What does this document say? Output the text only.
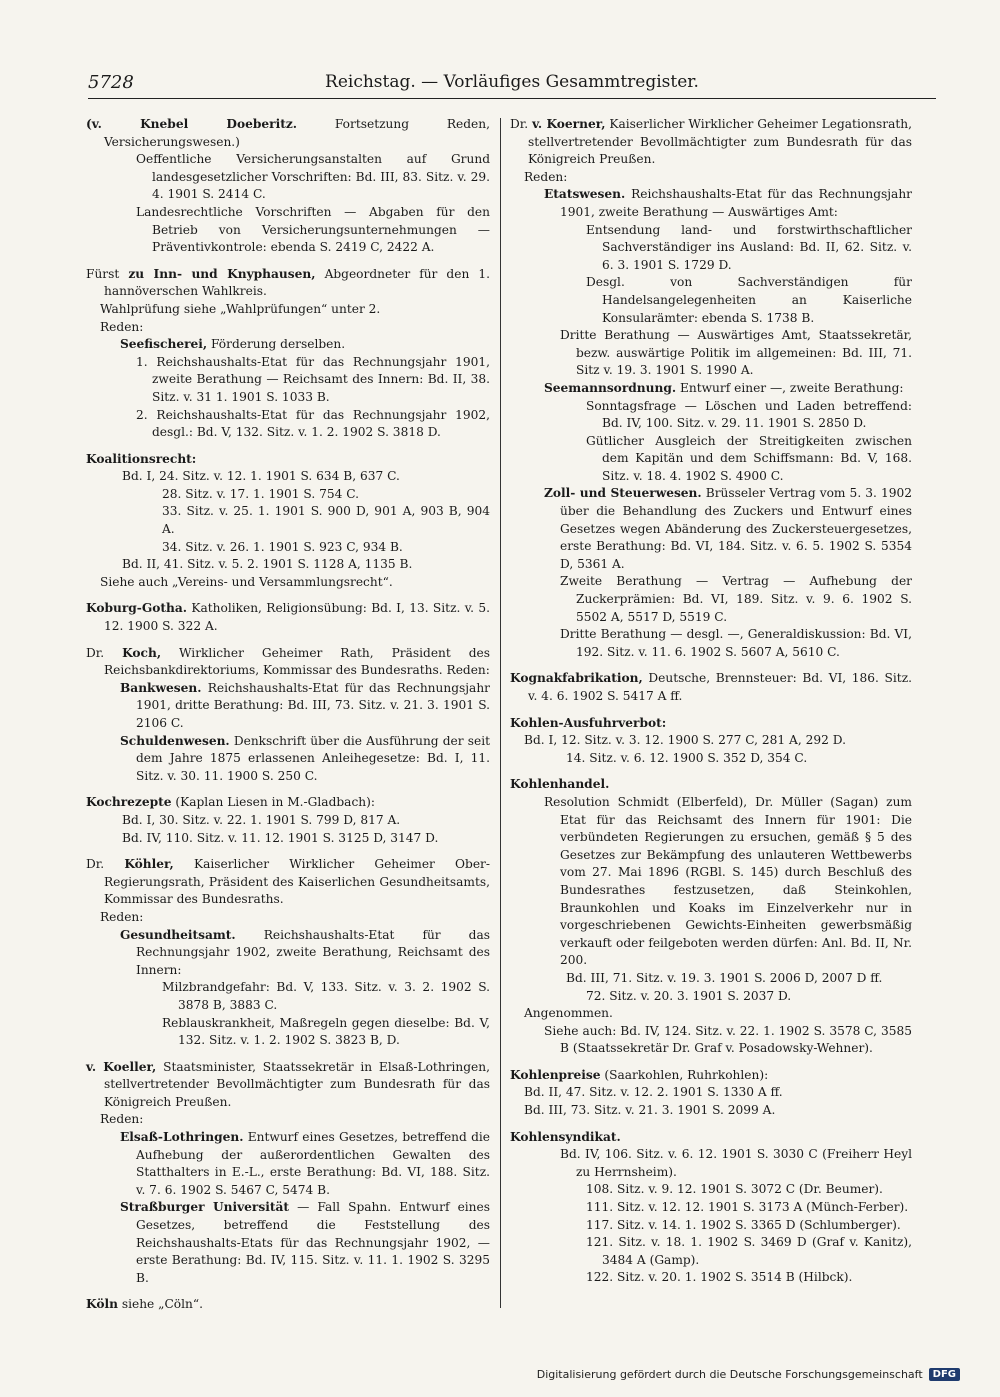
5728	Reichstag. — Vorläufiges Gesammtregister.

(v. Knebel Doeberitz. Fortsetzung Reden, Versicherungswesen.)

Oeffentliche Versicherungsanstalten auf Grund landesgesetzlicher Vorschriften: Bd. III, 83. Sitz. v. 29. 4. 1901 S. 2414 C.

Landesrechtliche Vorschriften — Abgaben für den Betrieb von Versicherungsunternehmungen — Präventivkontrole: ebenda S. 2419 C, 2422 A.

Fürst zu Inn- und Knyphausen, Abgeordneter für den 1. hannöverschen Wahlkreis.

Wahlprüfung siehe „Wahlprüfungen“ unter 2.

Reden:

Seefischerei, Förderung derselben.

1. Reichshaushalts-Etat für das Rechnungsjahr 1901, zweite Berathung — Reichsamt des Innern: Bd. II, 38. Sitz. v. 31 1. 1901 S. 1033 B.

2. Reichshaushalts-Etat für das Rechnungsjahr 1902, desgl.: Bd. V, 132. Sitz. v. 1. 2. 1902 S. 3818 D.

Koalitionsrecht:

Bd. I, 24. Sitz. v. 12. 1. 1901 S. 634 B, 637 C.

28. Sitz. v. 17. 1. 1901 S. 754 C.

33. Sitz. v. 25. 1. 1901 S. 900 D, 901 A, 903 B, 904 A.

34. Sitz. v. 26. 1. 1901 S. 923 C, 934 B.

Bd. II, 41. Sitz. v. 5. 2. 1901 S. 1128 A, 1135 B.

Siehe auch „Vereins- und Versammlungsrecht“.

Koburg-Gotha. Katholiken, Religionsübung: Bd. I, 13. Sitz. v. 5. 12. 1900 S. 322 A.

Dr. Koch, Wirklicher Geheimer Rath, Präsident des Reichsbankdirektoriums, Kommissar des Bundesraths. Reden:

Bankwesen. Reichshaushalts-Etat für das Rechnungsjahr 1901, dritte Berathung: Bd. III, 73. Sitz. v. 21. 3. 1901 S. 2106 C.

Schuldenwesen. Denkschrift über die Ausführung der seit dem Jahre 1875 erlassenen Anleihegesetze: Bd. I, 11. Sitz. v. 30. 11. 1900 S. 250 C.

Kochrezepte (Kaplan Liesen in M.-Gladbach):

Bd. I, 30. Sitz. v. 22. 1. 1901 S. 799 D, 817 A.

Bd. IV, 110. Sitz. v. 11. 12. 1901 S. 3125 D, 3147 D.

Dr. Köhler, Kaiserlicher Wirklicher Geheimer Ober-Regierungsrath, Präsident des Kaiserlichen Gesundheitsamts, Kommissar des Bundesraths.

Reden:

Gesundheitsamt. Reichshaushalts-Etat für das Rechnungsjahr 1902, zweite Berathung, Reichsamt des Innern:

Milzbrandgefahr: Bd. V, 133. Sitz. v. 3. 2. 1902 S. 3878 B, 3883 C.

Reblauskrankheit, Maßregeln gegen dieselbe: Bd. V, 132. Sitz. v. 1. 2. 1902 S. 3823 B, D.

v. Koeller, Staatsminister, Staatssekretär in Elsaß-Lothringen, stellvertretender Bevollmächtigter zum Bundesrath für das Königreich Preußen.

Reden:

Elsaß-Lothringen. Entwurf eines Gesetzes, betreffend die Aufhebung der außerordentlichen Gewalten des Statthalters in E.-L., erste Berathung: Bd. VI, 188. Sitz. v. 7. 6. 1902 S. 5467 C, 5474 B.

Straßburger Universität — Fall Spahn. Entwurf eines Gesetzes, betreffend die Feststellung des Reichshaushalts-Etats für das Rechnungsjahr 1902, — erste Berathung: Bd. IV, 115. Sitz. v. 11. 1. 1902 S. 3295 B.

Köln siehe „Cöln“.

Dr. v. Koerner, Kaiserlicher Wirklicher Geheimer Legationsrath, stellvertretender Bevollmächtigter zum Bundesrath für das Königreich Preußen.

Reden:

Etatswesen. Reichshaushalts-Etat für das Rechnungsjahr 1901, zweite Berathung — Auswärtiges Amt:

Entsendung land- und forstwirthschaftlicher Sachverständiger ins Ausland: Bd. II, 62. Sitz. v. 6. 3. 1901 S. 1729 D.

Desgl. von Sachverständigen für Handelsangelegenheiten an Kaiserliche Konsularämter: ebenda S. 1738 B.

Dritte Berathung — Auswärtiges Amt, Staatssekretär, bezw. auswärtige Politik im allgemeinen: Bd. III, 71. Sitz v. 19. 3. 1901 S. 1990 A.

Seemannsordnung. Entwurf einer —, zweite Berathung:

Sonntagsfrage — Löschen und Laden betreffend: Bd. IV, 100. Sitz. v. 29. 11. 1901 S. 2850 D.

Gütlicher Ausgleich der Streitigkeiten zwischen dem Kapitän und dem Schiffsmann: Bd. V, 168. Sitz. v. 18. 4. 1902 S. 4900 C.

Zoll- und Steuerwesen. Brüsseler Vertrag vom 5. 3. 1902 über die Behandlung des Zuckers und Entwurf eines Gesetzes wegen Abänderung des Zuckersteuergesetzes, erste Berathung: Bd. VI, 184. Sitz. v. 6. 5. 1902 S. 5354 D, 5361 A.

Zweite Berathung — Vertrag — Aufhebung der Zuckerprämien: Bd. VI, 189. Sitz. v. 9. 6. 1902 S. 5502 A, 5517 D, 5519 C.

Dritte Berathung — desgl. —, Generaldiskussion: Bd. VI, 192. Sitz. v. 11. 6. 1902 S. 5607 A, 5610 C.

Kognakfabrikation, Deutsche, Brennsteuer: Bd. VI, 186. Sitz. v. 4. 6. 1902 S. 5417 A ff.

Kohlen-Ausfuhrverbot:

Bd. I, 12. Sitz. v. 3. 12. 1900 S. 277 C, 281 A, 292 D.

14. Sitz. v. 6. 12. 1900 S. 352 D, 354 C.

Kohlenhandel.

Resolution Schmidt (Elberfeld), Dr. Müller (Sagan) zum Etat für das Reichsamt des Innern für 1901: Die verbündeten Regierungen zu ersuchen, gemäß § 5 des Gesetzes zur Bekämpfung des unlauteren Wettbewerbs vom 27. Mai 1896 (RGBl. S. 145) durch Beschluß des Bundesrathes festzusetzen, daß Steinkohlen, Braunkohlen und Koaks im Einzelverkehr nur in vorgeschriebenen Gewichts-Einheiten gewerbsmäßig verkauft oder feilgeboten werden dürfen: Anl. Bd. II, Nr. 200.

Bd. III, 71. Sitz. v. 19. 3. 1901 S. 2006 D, 2007 D ff.

72. Sitz. v. 20. 3. 1901 S. 2037 D.

Angenommen.

Siehe auch: Bd. IV, 124. Sitz. v. 22. 1. 1902 S. 3578 C, 3585 B (Staatssekretär Dr. Graf v. Posadowsky-Wehner).

Kohlenpreise (Saarkohlen, Ruhrkohlen):

Bd. II, 47. Sitz. v. 12. 2. 1901 S. 1330 A ff.

Bd. III, 73. Sitz. v. 21. 3. 1901 S. 2099 A.

Kohlensyndikat.

Bd. IV, 106. Sitz. v. 6. 12. 1901 S. 3030 C (Freiherr Heyl zu Herrnsheim).

108. Sitz. v. 9. 12. 1901 S. 3072 C (Dr. Beumer).

111. Sitz. v. 12. 12. 1901 S. 3173 A (Münch-Ferber).

117. Sitz. v. 14. 1. 1902 S. 3365 D (Schlumberger).

121. Sitz. v. 18. 1. 1902 S. 3469 D (Graf v. Kanitz), 3484 A (Gamp).

122. Sitz. v. 20. 1. 1902 S. 3514 B (Hilbck).

Digitalisierung gefördert durch die Deutsche Forschungsgemeinschaft	DFG
